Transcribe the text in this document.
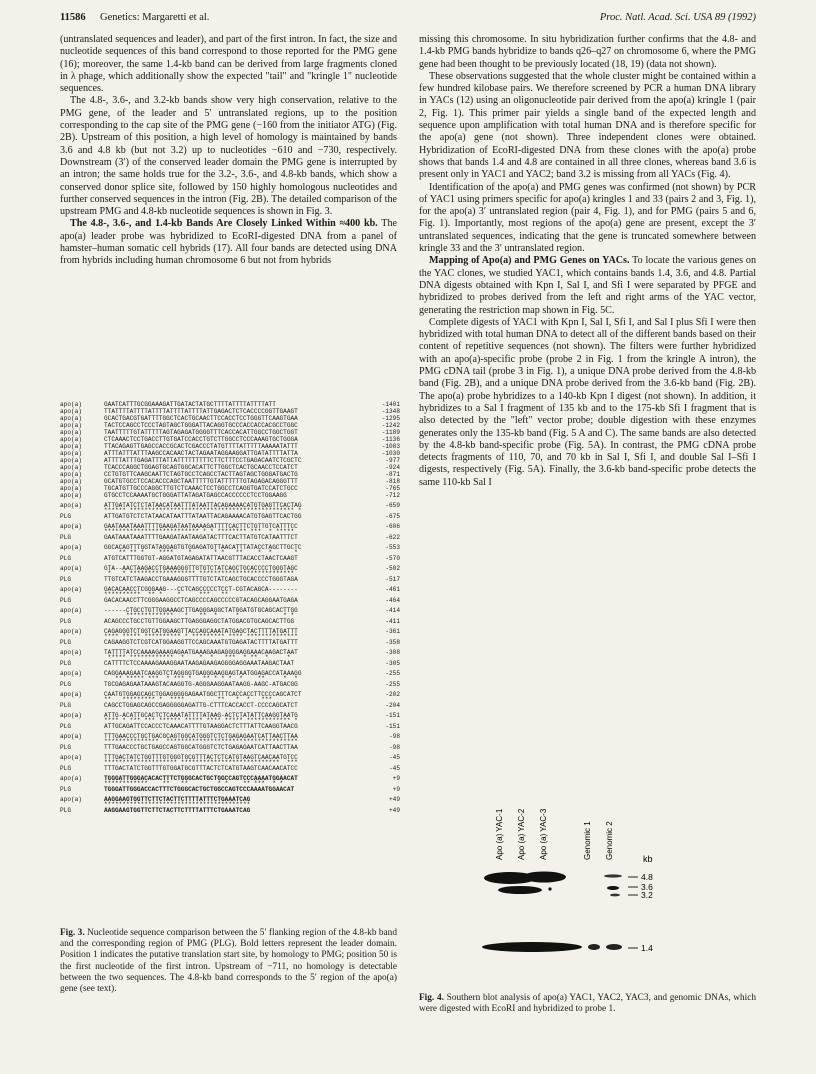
11586 Genetics: Margaretti et al.	Proc. Natl. Acad. Sci. USA 89 (1992)

(untranslated sequences and leader), and part of the first intron. In fact, the size and nucleotide sequences of this band correspond to those reported for the PMG gene (16); moreover, the same 1.4-kb band can be derived from large fragments cloned in λ phage, which additionally show the expected "tail" and "kringle 1" nucleotide sequences.

The 4.8-, 3.6-, and 3.2-kb bands show very high conservation, relative to the PMG gene, of the leader and 5′ untranslated regions, up to the position corresponding to the cap site of the PMG gene (−160 from the initiator ATG) (Fig. 2B). Upstream of this position, a high level of homology is maintained by bands 3.6 and 4.8 kb (but not 3.2) up to nucleotides −610 and −730, respectively. Downstream (3′) of the conserved leader domain the PMG gene is interrupted by an intron; the same holds true for the 3.2-, 3.6-, and 4.8-kb bands, which show a conserved donor splice site, followed by 150 highly homologous nucleotides and further conserved sequences in the intron (Fig. 2B). The detailed comparison of the upstream PMG and 4.8-kb nucleotide sequences is shown in Fig. 3.

The 4.8-, 3.6-, and 1.4-kb Bands Are Closely Linked Within ≈400 kb. The apo(a) leader probe was hybridized to EcoRI-digested DNA from a panel of hamster–human somatic cell hybrids (17). All four bands are detected using DNA from hybrids including human chromosome 6 but not from hybrids

apo(a)	GAATCATTTGCGGAAAGATTGATACTATGCTTTTATTTTATTTTATT	-1401
apo(a)	TTATTTTATTTTATTTTATTTTATTTTATTGAGACTCTCACCCCGGTTGAAGT	-1348
apo(a)	GCACTGACGTGATTTTGGCTCACTGCAACTTCCACCTCCTGGGTTCAAGTGAA	-1295
apo(a)	TACTCCAGCCTCCCTAGTAGCTGGGATTACAGGTGCCCACCACCACGCCTGGC	-1242
apo(a)	TAATTTTTGTATTTTTAGTAGAGATGGGGTTTCACCACATTGGCCTGGCTGGT	-1189
apo(a)	CTCAAACTCCTGACCTTGTGATCCACCTGTCTTGGCCTCCCAAAGTGCTGGGA	-1136
apo(a)	TTACAGAGTTGAGCCACCGCACTCGACCCTATGTTTTATTTTTAAAAATATTT	-1083
apo(a)	ATTTATTTATTTAAGCCACAACTACTAGAATAGGAAGGATTGATATTTTATTA	-1030
apo(a)	ATTTTATTTGAGATTTATTATTTTTTTTTCTTCTTTCCTGAGACAATCTCGCTC	-977
apo(a)	TCACCCAGGCTGGAGTGCAGTGGCACATTCTTGGCTCACTGCAACCTCCATCT	-924
apo(a)	CCTGTGTTCAAGCAATTCTAGTGCCTCAGCCTACTTAGTAGCTGGGATGACTG	-871
apo(a)	GCATGTGCCTCCACACCCAGCTAATTTTTGTATTTTTTGTAGAGACAGGGTTT	-818
apo(a)	TGCATGTTGCCCAGGCTTGTCTCAAACTCCTGGCCTCAGGTGATCCATCTGCC	-765
apo(a)	GTGCCTCCAAAATGCTGGGATTATAGATGAGCCACCCCCCTCCTGGAAGG	-712
apo(a)	ATTGATATCTCTATAACATAATTTATAATTACAGAAAACATGTGAGTTCACTAG	-659
****** ********************************************* *
PLG	ATTGATGTCTCTATAACATAATTTATAATTACAGAAAACATGTGAGTTCACTGG	-675
apo(a)	GAATAAATAAATTTTGAAGATAATAAAAGATTTTCACTTCTGTTGTCATTTCC	-606
************************** * * ******** ***  * *****
PLG	GAATAAATAAATTTTGAAGATAATAAGATACTTTCACTTATGTCATAATTTCT	-622
apo(a)	GGCACAGTTTGGTATAGGAGTGTGGAGATGTTAACATTTATACCTAGCTTGCTC	-553
** ** *    ****    *      * *   **    *  *      *
PLG	ATGTCATTTGGTGT-AGGATGTAGAGATATTAACGTTTACACCTAACTCAAGT	-570
apo(a)	GTA--AACTAAGACCTGAAAGGGTTGTGTCTATCAGCTGCACCCCTGGGTAGC	-502
*   * ****************** **************************
PLG	TTGTCATCTAAGACCTGAAAGGGTTTTGTCTATCAGCTGCACCCCTGGGTAGA	-517
apo(a)	GACACAACCTCGGGAAG---CCTCAGCCCCCTCCT-CGTACAGCA--------	-461
**********  ** *    *     ***   **
PLG	GACACAACCTTCGGGAAGGCCTCAGCCCCAGCCCCCGTACAGCAGGAATGAGA	-464
apo(a)	------CTGCCTGTTGGAAAGCTTGAGGGAGGCTATGGATGTGCAGCACTTGG	-414
*************   *   **  *     *            * *
PLG	ACAGCCCTGCCTGTTGGAAGCTTGAGGGAGGCTATGGACGTGCAGCACTTGG	-411
apo(a)	CAGAGGGTCTGGTCATGGAAGTTACCAGCAAATATGAGCTACTTTTATGATTT	-361
**** ***** ********** * ********* **** **************
PLG	CAGAAGGTCTCGTCATGGAAGGTTCCAGCAAATGTGAGATACTTTTATGATTT	-358
apo(a)	TATTTTATCCAAAAGAAAGAGAATGAAAGAAGAGGGGAGGAAACAAGACTAAT	-308
***** ************  *    *  *   ***  * **  *     *
PLG	CATTTTCTCCAAAAGAAAGGAATAAGAGAAGAGGGGAGGAAATAAGACTAAT	-305
apo(a)	CAGGAAAGAATCAAGGTCTAGGGGTGAGGGAAGGAGTAATGGAGACCATAAAGG	-255
** ***** ***  * *** *   ** * * *  *    **     *  *
PLG	TGCGAGAGAATAAAGTACAAGGTG-AGGGAAGGAATAAGG-AAGC-ATGACGG	-255
apo(a)	CAATGTGGAGCAGCTGGAGGGGGAGAATGGCTTTCACCACCTTCCCCAGCATCT	-202
**   ********* *  ****         **   *  *   ***
PLG	CAGCCTGGAGCAGCCGAGGGGGAGATTG-CTTTCACCACCT-CCCCAGCATCT	-204
apo(a)	ATTG-ACATTGCACTCTCAAATATTTTATAAG-ACTCTATATTCAAGGTAATG	-151
**** * *** *** ****** ***** **** ***** ************ *
PLG	ATTGCAGATTCCACCCTCAAACATTTTGTAAGGACTCTTTATTCAAGGTAACG	-151
apo(a)	TTTGAACCCTGCTGACGCAGTGGCATGGGTCTCTGAGAGAATCATTAACTTAA	-98
***************  ************************************
PLG	TTTGAACCCTGCTGAGCCAGTGGCATGGGTCTCTGAGAGAATCATTAACTTAA	-98
apo(a)	TTTGACTATCTGGTTTGTGGGTGCGTTTACTCTCATGTAAGTCAACAATGTCC	-45
******************** ***************************  ***
PLG	TTTGACTATCTGGTTTGTGGATGCGTTTACTCTCATGTAAGTCAACAACATCC	-45
apo(a)	TGGGATTGGGACACACTTTCTGGGCACTGCTGGCCAGTCCCAAAATGGAACAT	+9
************    **   **        * *    ** ***  * *
PLG	TGGGATTGGGACCACTTTCTGGGCACTGCTGGCCAGTCCCAAAATGGAACAT	+9
apo(a)	AAGGAAGTGGTTCTTCTACTTCTTTTATTTCTGAAATCAG	+49
****************************************
PLG	AAGGAAGTGGTTCTTCTACTTCTTTTATTTCTGAAATCAG	+49
Fig. 3. Nucleotide sequence comparison between the 5′ flanking region of the 4.8-kb band and the corresponding region of PMG (PLG). Bold letters represent the leader domain. Position 1 indicates the putative translation start site, by homology to PMG; position 50 is the first nucleotide of the first intron. Upstream of −711, no homology is detectable between the two sequences. The 4.8-kb band corresponds to the 5′ region of the apo(a) gene (see text).

missing this chromosome. In situ hybridization further confirms that the 4.8- and 1.4-kb PMG bands hybridize to bands q26–q27 on chromosome 6, where the PMG gene had been thought to be previously located (18, 19) (data not shown).

These observations suggested that the whole cluster might be contained within a few hundred kilobase pairs. We therefore screened by PCR a human DNA library in YACs (12) using an oligonucleotide pair derived from the apo(a) kringle 1 (pair 2, Fig. 1). This primer pair yields a single band of the expected length and sequence upon amplification with total human DNA and is therefore specific for the apo(a) gene (not shown). Three independent clones were obtained. Hybridization of EcoRI-digested DNA from these clones with the apo(a) probe shows that bands 1.4 and 4.8 are contained in all three clones, whereas band 3.6 is present only in YAC1 and YAC2; band 3.2 is missing from all YACs (Fig. 4).

Identification of the apo(a) and PMG genes was confirmed (not shown) by PCR of YAC1 using primers specific for apo(a) kringles 1 and 33 (pairs 2 and 3, Fig. 1), for the apo(a) 3′ untranslated region (pair 4, Fig. 1), and for PMG (pairs 5 and 6, Fig. 1). Importantly, most regions of the apo(a) gene are present, except the 3′ untranslated sequences, indicating that the gene is truncated somewhere between kringle 33 and the 3′ untranslated region.

Mapping of Apo(a) and PMG Genes on YACs. To locate the various genes on the YAC clones, we studied YAC1, which contains bands 1.4, 3.6, and 4.8. Partial DNA digests obtained with Kpn I, Sal I, and Sfi I were separated by PFGE and hybridized to probes derived from the left and right arms of the YAC vector, generating the restriction map shown in Fig. 5C.

Complete digests of YAC1 with Kpn I, Sal I, Sfi I, and Sal I plus Sfi I were then hybridized with total human DNA to detect all of the different bands based on their content of repetitive sequences (not shown). The filters were further hybridized with an apo(a)-specific probe (probe 2 in Fig. 1 from the kringle A intron), the PMG cDNA tail (probe 3 in Fig. 1), a unique DNA probe derived from the 4.8-kb band (Fig. 2B), and a unique DNA probe derived from the 3.6-kb band (Fig. 2B). The apo(a) probe hybridizes to a 140-kb Kpn I digest (not shown). In addition, it hybridizes to a Sal I fragment of 135 kb and to the 175-kb Sfi I fragment that is also detected by the "left" vector probe; double digestion with these enzymes generates only the 135-kb band (Fig. 5 A and C). The same bands are also detected by the 4.8-kb band-specific probe (Fig. 5A). In contrast, the PMG cDNA probe detects fragments of 110, 70, and 70 kb in Sal I, Sfi I, and double Sal I–Sfi I digests, respectively (Fig. 5A). Finally, the 3.6-kb band-specific probe detects the same 110-kb Sal I

Apo (a) YAC-1 Apo (a) YAC-2 Apo (a) YAC-3	Genomic 1 Genomic 2	kb
4.8
3.6
3.2
1.4
Fig. 4. Southern blot analysis of apo(a) YAC1, YAC2, YAC3, and genomic DNAs, which were digested with EcoRI and hybridized to probe 1.
